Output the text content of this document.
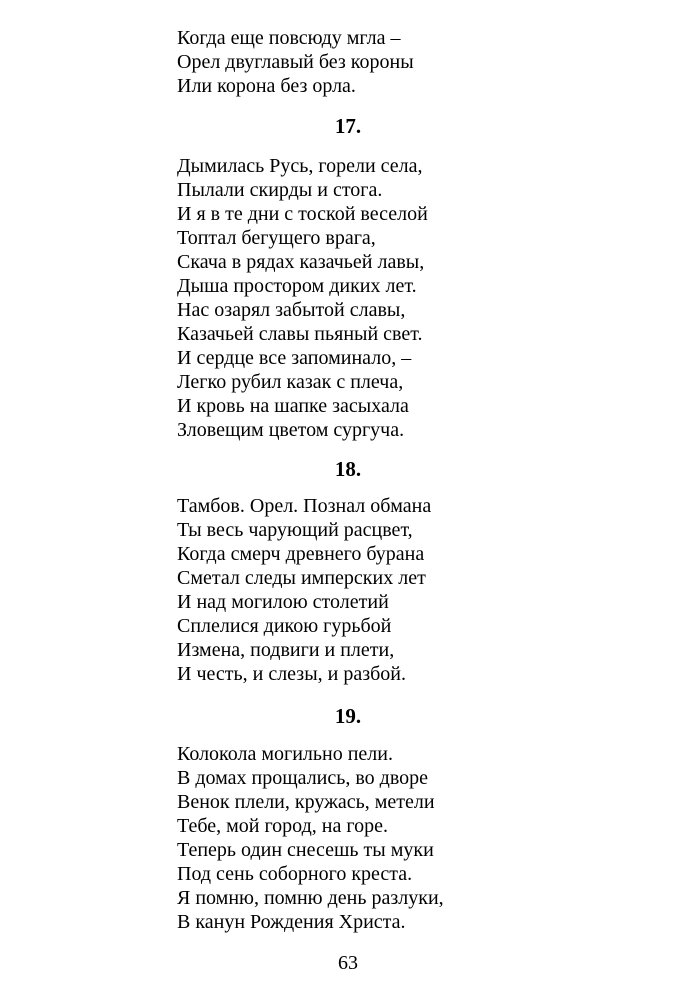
Когда еще повсюду мгла –
Орел двуглавый без короны
Или корона без орла.
17.
Дымилась Русь, горели села,
Пылали скирды и стога.
И я в те дни с тоской веселой
Топтал бегущего врага,
Скача в рядах казачьей лавы,
Дыша простором диких лет.
Нас озарял забытой славы,
Казачьей славы пьяный свет.
И сердце все запоминало, –
Легко рубил казак с плеча,
И кровь на шапке засыхала
Зловещим цветом сургуча.
18.
Тамбов. Орел. Познал обмана
Ты весь чарующий расцвет,
Когда смерч древнего бурана
Сметал следы имперских лет
И над могилою столетий
Сплелися дикою гурьбой
Измена, подвиги и плети,
И честь, и слезы, и разбой.
19.
Колокола могильно пели.
В домах прощались, во дворе
Венок плели, кружась, метели
Тебе, мой город, на горе.
Теперь один снесешь ты муки
Под сень соборного креста.
Я помню, помню день разлуки,
В канун Рождения Христа.
63
